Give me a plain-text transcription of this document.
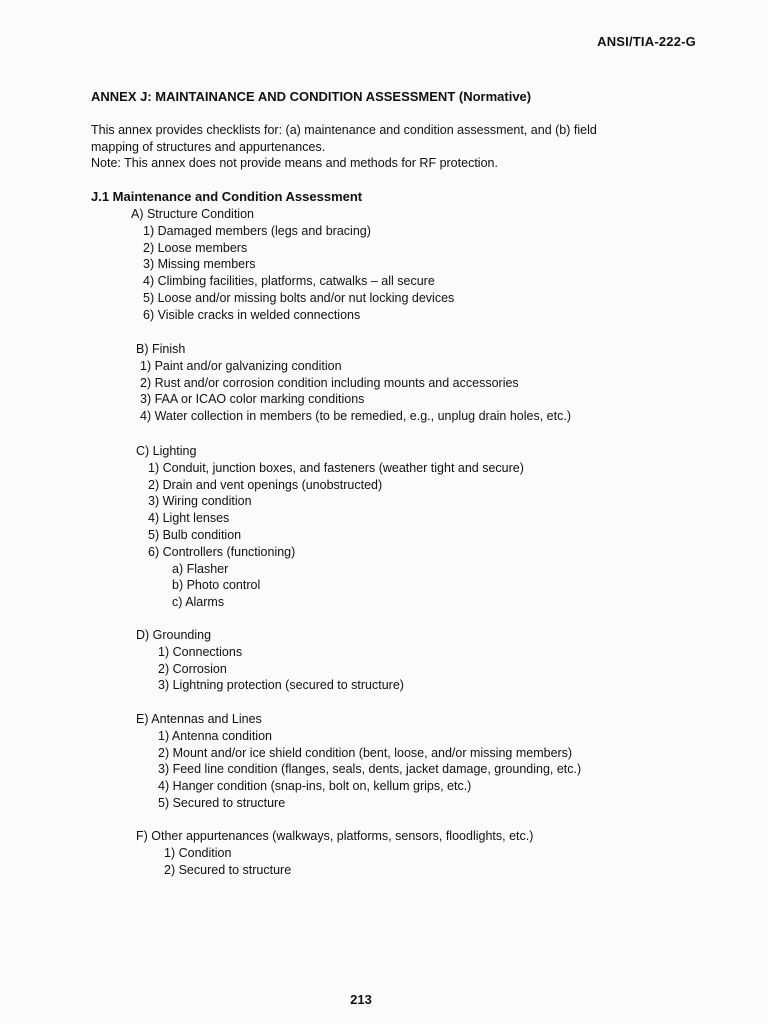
ANSI/TIA-222-G
ANNEX J: MAINTAINANCE AND CONDITION ASSESSMENT (Normative)

This annex provides checklists for: (a) maintenance and condition assessment, and (b) field

mapping of structures and appurtenances.

Note: This annex does not provide means and methods for RF protection.

J.1 Maintenance and Condition Assessment
A) Structure Condition
1) Damaged members (legs and bracing)
2) Loose members
3) Missing members
4) Climbing facilities, platforms, catwalks – all secure
5) Loose and/or missing bolts and/or nut locking devices
6) Visible cracks in welded connections
B) Finish
1) Paint and/or galvanizing condition
2) Rust and/or corrosion condition including mounts and accessories
3) FAA or ICAO color marking conditions
4) Water collection in members (to be remedied, e.g., unplug drain holes, etc.)
C) Lighting
1) Conduit, junction boxes, and fasteners (weather tight and secure)
2) Drain and vent openings (unobstructed)
3) Wiring condition
4) Light lenses
5) Bulb condition
6) Controllers (functioning)
a) Flasher
b) Photo control
c) Alarms
D) Grounding
1) Connections
2) Corrosion
3) Lightning protection (secured to structure)
E) Antennas and Lines
1) Antenna condition
2) Mount and/or ice shield condition (bent, loose, and/or missing members)
3) Feed line condition (flanges, seals, dents, jacket damage, grounding, etc.)
4) Hanger condition (snap-ins, bolt on, kellum grips, etc.)
5) Secured to structure
F) Other appurtenances (walkways, platforms, sensors, floodlights, etc.)
1) Condition
2) Secured to structure
213
